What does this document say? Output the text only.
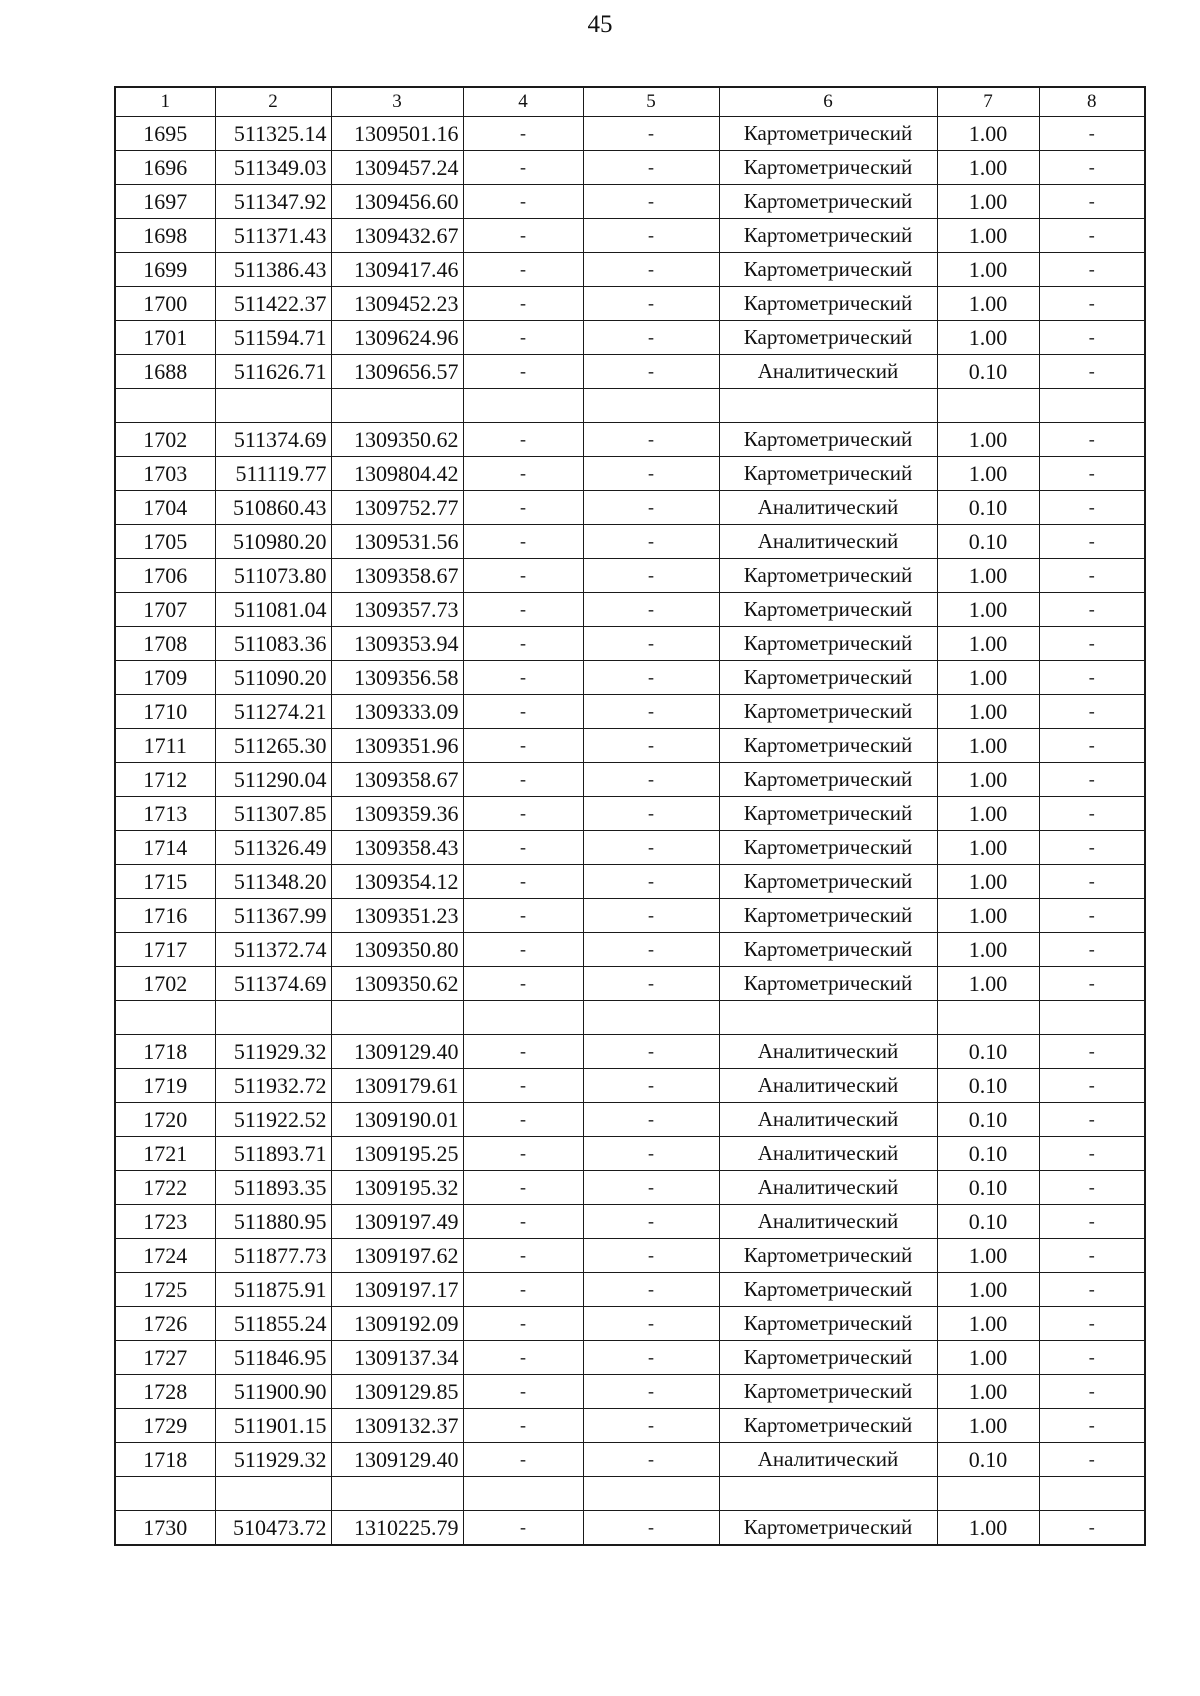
45
1	2	3	4	5	6	7	8
1695	511325.14	1309501.16	-	-	Картометрический	1.00	-
1696	511349.03	1309457.24	-	-	Картометрический	1.00	-
1697	511347.92	1309456.60	-	-	Картометрический	1.00	-
1698	511371.43	1309432.67	-	-	Картометрический	1.00	-
1699	511386.43	1309417.46	-	-	Картометрический	1.00	-
1700	511422.37	1309452.23	-	-	Картометрический	1.00	-
1701	511594.71	1309624.96	-	-	Картометрический	1.00	-
1688	511626.71	1309656.57	-	-	Аналитический	0.10	-

1702	511374.69	1309350.62	-	-	Картометрический	1.00	-
1703	511119.77	1309804.42	-	-	Картометрический	1.00	-
1704	510860.43	1309752.77	-	-	Аналитический	0.10	-
1705	510980.20	1309531.56	-	-	Аналитический	0.10	-
1706	511073.80	1309358.67	-	-	Картометрический	1.00	-
1707	511081.04	1309357.73	-	-	Картометрический	1.00	-
1708	511083.36	1309353.94	-	-	Картометрический	1.00	-
1709	511090.20	1309356.58	-	-	Картометрический	1.00	-
1710	511274.21	1309333.09	-	-	Картометрический	1.00	-
1711	511265.30	1309351.96	-	-	Картометрический	1.00	-
1712	511290.04	1309358.67	-	-	Картометрический	1.00	-
1713	511307.85	1309359.36	-	-	Картометрический	1.00	-
1714	511326.49	1309358.43	-	-	Картометрический	1.00	-
1715	511348.20	1309354.12	-	-	Картометрический	1.00	-
1716	511367.99	1309351.23	-	-	Картометрический	1.00	-
1717	511372.74	1309350.80	-	-	Картометрический	1.00	-
1702	511374.69	1309350.62	-	-	Картометрический	1.00	-

1718	511929.32	1309129.40	-	-	Аналитический	0.10	-
1719	511932.72	1309179.61	-	-	Аналитический	0.10	-
1720	511922.52	1309190.01	-	-	Аналитический	0.10	-
1721	511893.71	1309195.25	-	-	Аналитический	0.10	-
1722	511893.35	1309195.32	-	-	Аналитический	0.10	-
1723	511880.95	1309197.49	-	-	Аналитический	0.10	-
1724	511877.73	1309197.62	-	-	Картометрический	1.00	-
1725	511875.91	1309197.17	-	-	Картометрический	1.00	-
1726	511855.24	1309192.09	-	-	Картометрический	1.00	-
1727	511846.95	1309137.34	-	-	Картометрический	1.00	-
1728	511900.90	1309129.85	-	-	Картометрический	1.00	-
1729	511901.15	1309132.37	-	-	Картометрический	1.00	-
1718	511929.32	1309129.40	-	-	Аналитический	0.10	-

1730	510473.72	1310225.79	-	-	Картометрический	1.00	-
